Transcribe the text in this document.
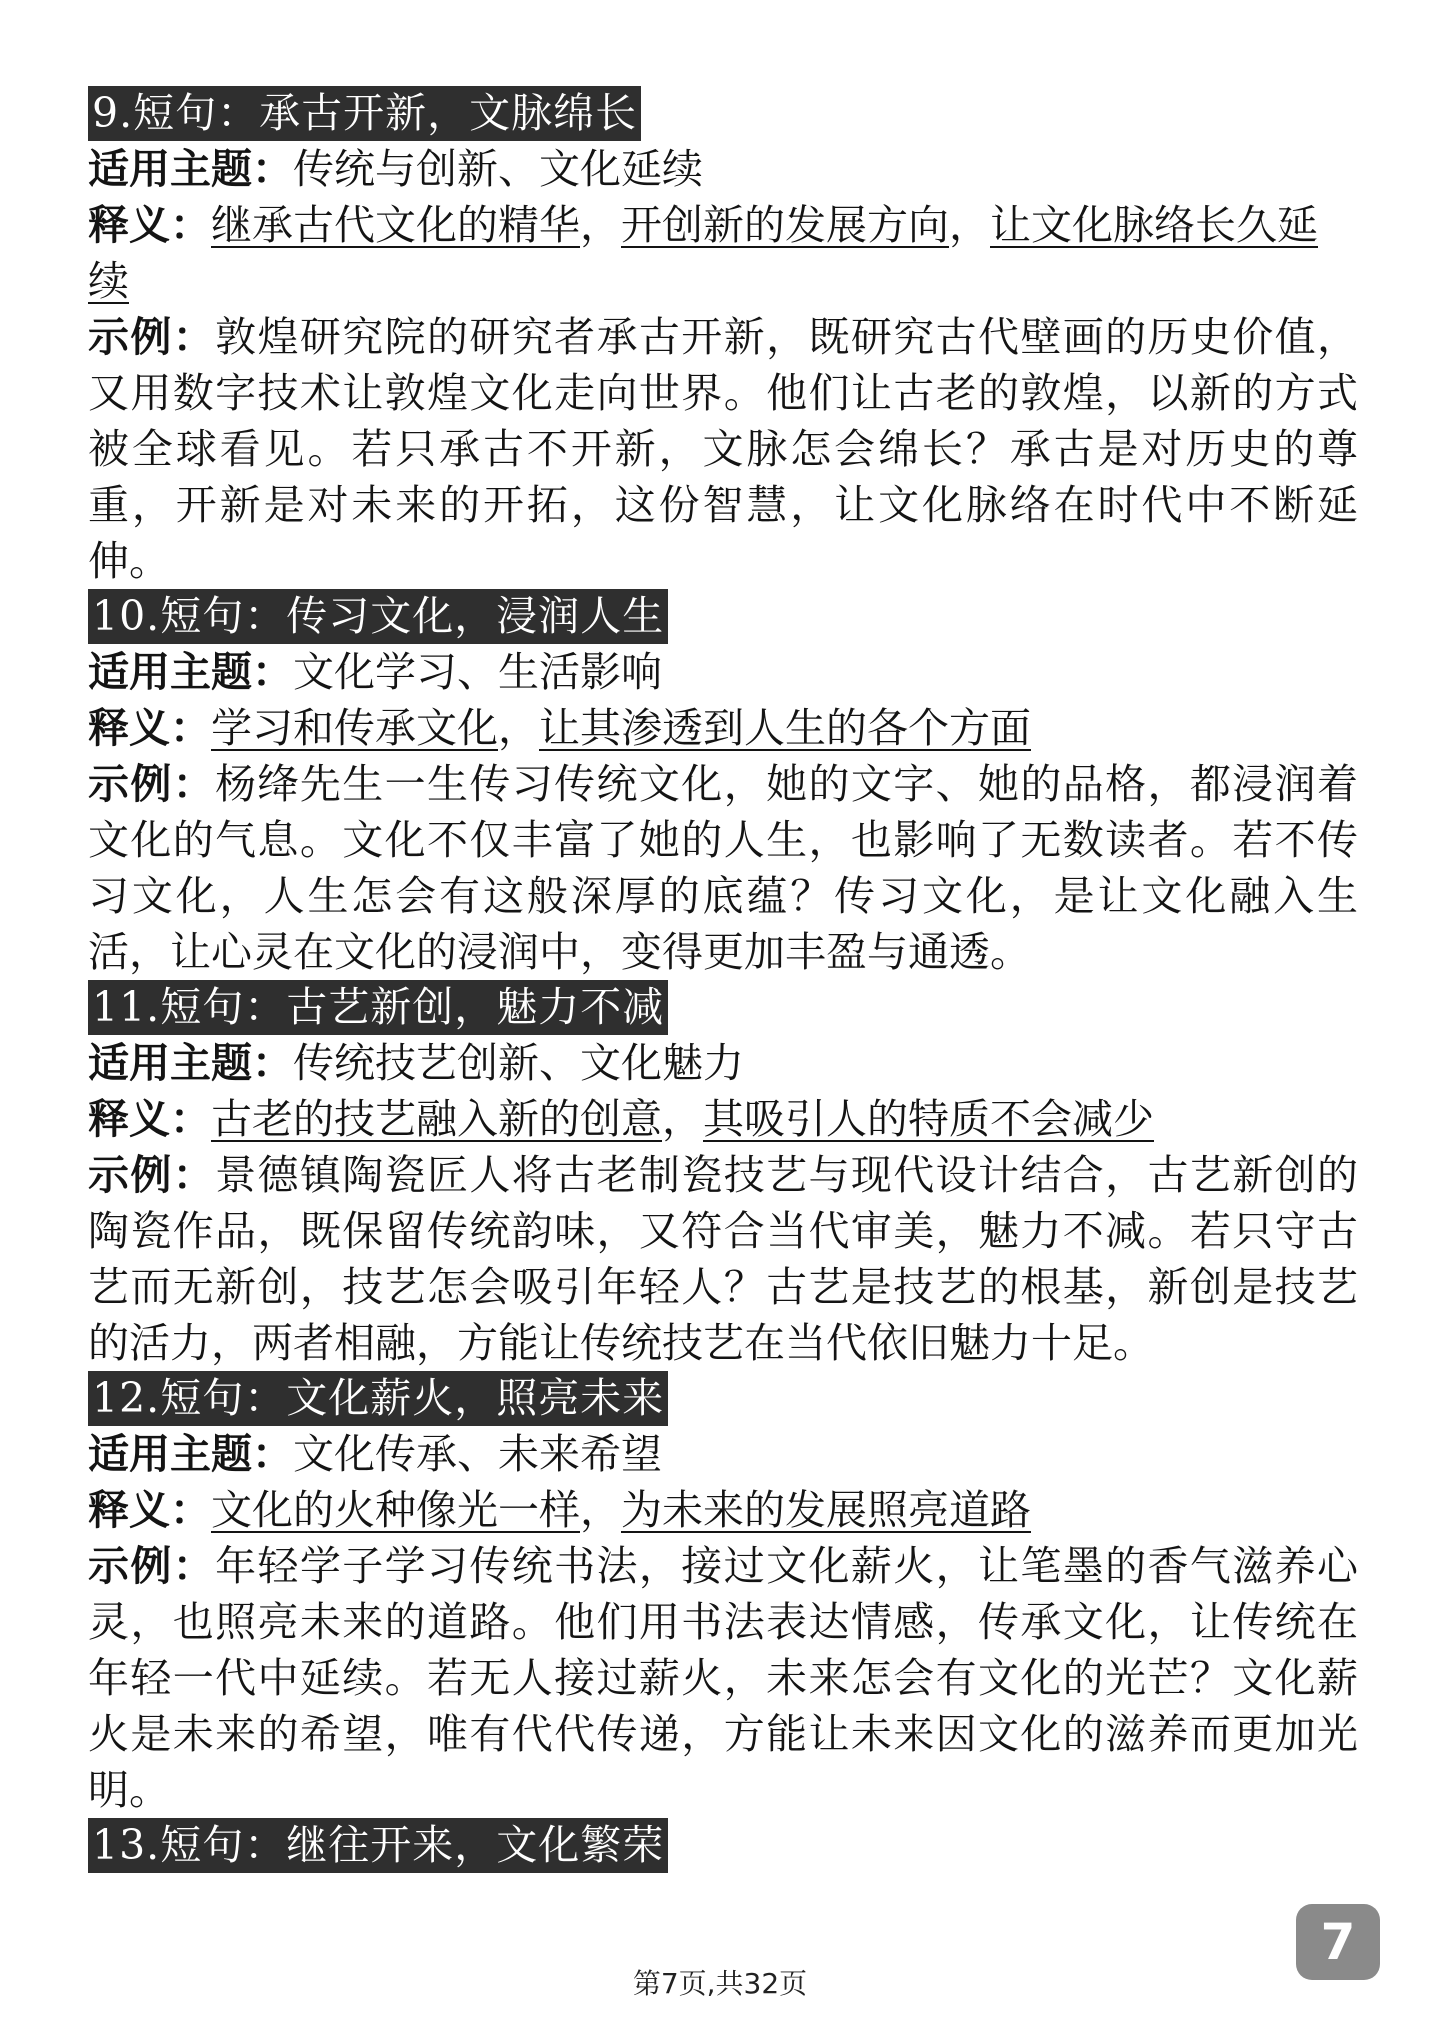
9.短句：承古开新，文脉绵长

适用主题：传统与创新、文化延续

释义：继承古代文化的精华，开创新的发展方向，让文化脉络长久延续

示例：敦煌研究院的研究者承古开新，既研究古代壁画的历史价值，又用数字技术让敦煌文化走向世界。他们让古老的敦煌，以新的方式被全球看见。若只承古不开新，文脉怎会绵长？承古是对历史的尊重，开新是对未来的开拓，这份智慧，让文化脉络在时代中不断延伸。

10.短句：传习文化，浸润人生

适用主题：文化学习、生活影响

释义：学习和传承文化，让其渗透到人生的各个方面

示例：杨绛先生一生传习传统文化，她的文字、她的品格，都浸润着文化的气息。文化不仅丰富了她的人生，也影响了无数读者。若不传习文化，人生怎会有这般深厚的底蕴？传习文化，是让文化融入生活，让心灵在文化的浸润中，变得更加丰盈与通透。

11.短句：古艺新创，魅力不减

适用主题：传统技艺创新、文化魅力

释义：古老的技艺融入新的创意，其吸引人的特质不会减少

示例：景德镇陶瓷匠人将古老制瓷技艺与现代设计结合，古艺新创的陶瓷作品，既保留传统韵味，又符合当代审美，魅力不减。若只守古艺而无新创，技艺怎会吸引年轻人？古艺是技艺的根基，新创是技艺的活力，两者相融，方能让传统技艺在当代依旧魅力十足。

12.短句：文化薪火，照亮未来

适用主题：文化传承、未来希望

释义：文化的火种像光一样，为未来的发展照亮道路

示例：年轻学子学习传统书法，接过文化薪火，让笔墨的香气滋养心灵，也照亮未来的道路。他们用书法表达情感，传承文化，让传统在年轻一代中延续。若无人接过薪火，未来怎会有文化的光芒？文化薪火是未来的希望，唯有代代传递，方能让未来因文化的滋养而更加光明。

13.短句：继往开来，文化繁荣
7
第7页,共32页
